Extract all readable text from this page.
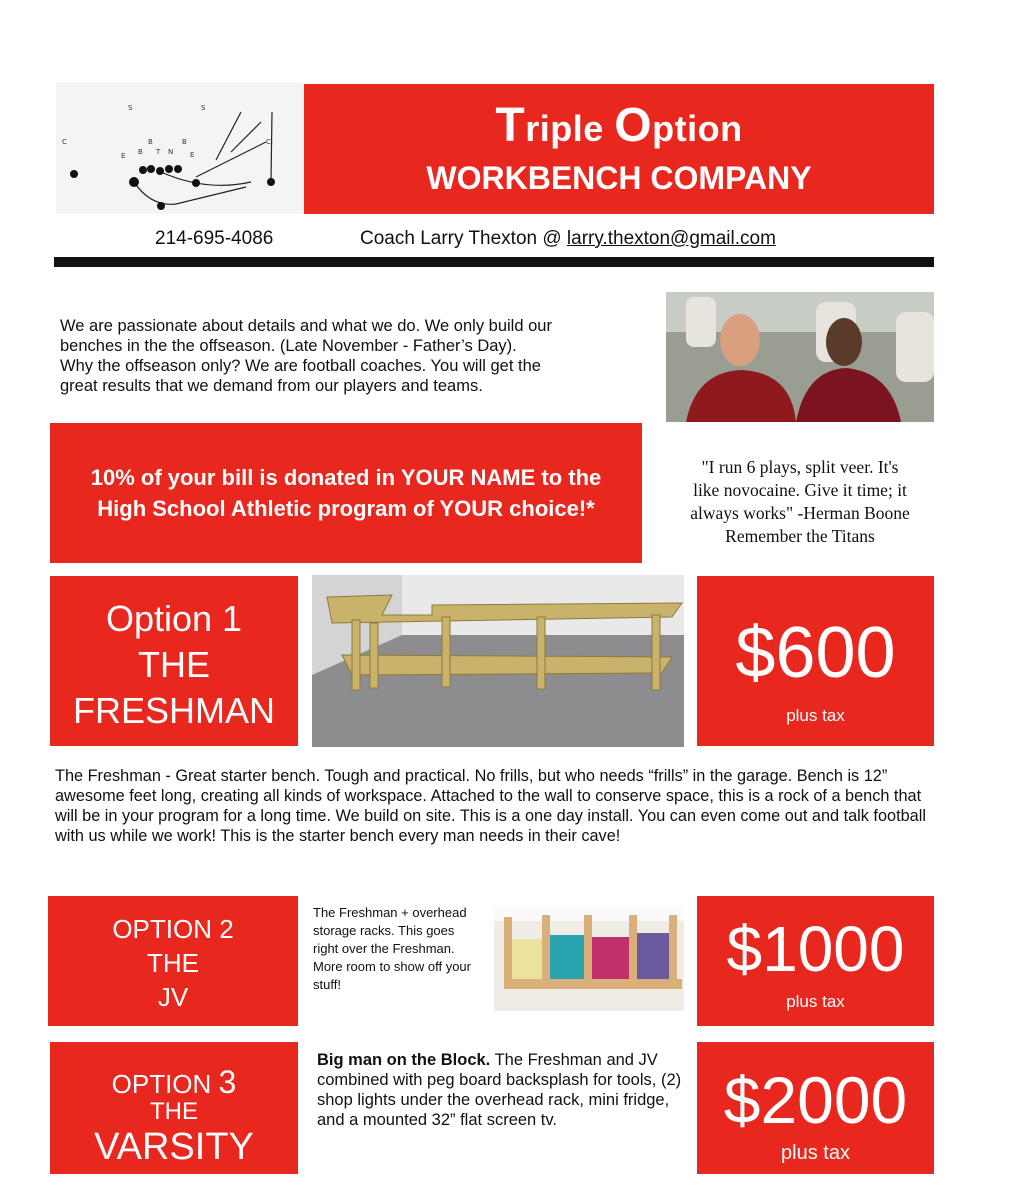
C
S	S
E B
B
T N
B
E
C	Triple Option
WORKBENCH COMPANY
214-695-4086	Coach Larry Thexton @ larry.thexton@gmail.com
We are passionate about details and what we do. We only build our
benches in the the offseason. (Late November - Father’s Day).
Why the offseason only? We are football coaches. You will get the
great results that we demand from our players and teams.
10% of your bill is donated in YOUR NAME to the High School Athletic program of YOUR choice!*
"I run 6 plays, split veer. It's
like novocaine. Give it time; it
always works" -Herman Boone
Remember the Titans
Option 1
THE
FRESHMAN
$600
plus tax
The Freshman - Great starter bench. Tough and practical. No frills, but who needs “frills” in the garage. Bench is 12” awesome feet long, creating all kinds of workspace. Attached to the wall to conserve space, this is a rock of a bench that will be in your program for a long time. We build on site. This is a one day install. You can even come out and talk football with us while we work! This is the starter bench every man needs in their cave!
OPTION 2
THE
JV
The Freshman + overhead storage racks. This goes right over the Freshman. More room to show off your stuff!	$1000
plus tax
OPTION 3
THE
VARSITY
Big man on the Block. The Freshman and JV combined with peg board backsplash for tools, (2) shop lights under the overhead rack, mini fridge, and a mounted 32” flat screen tv.	$2000
plus tax
